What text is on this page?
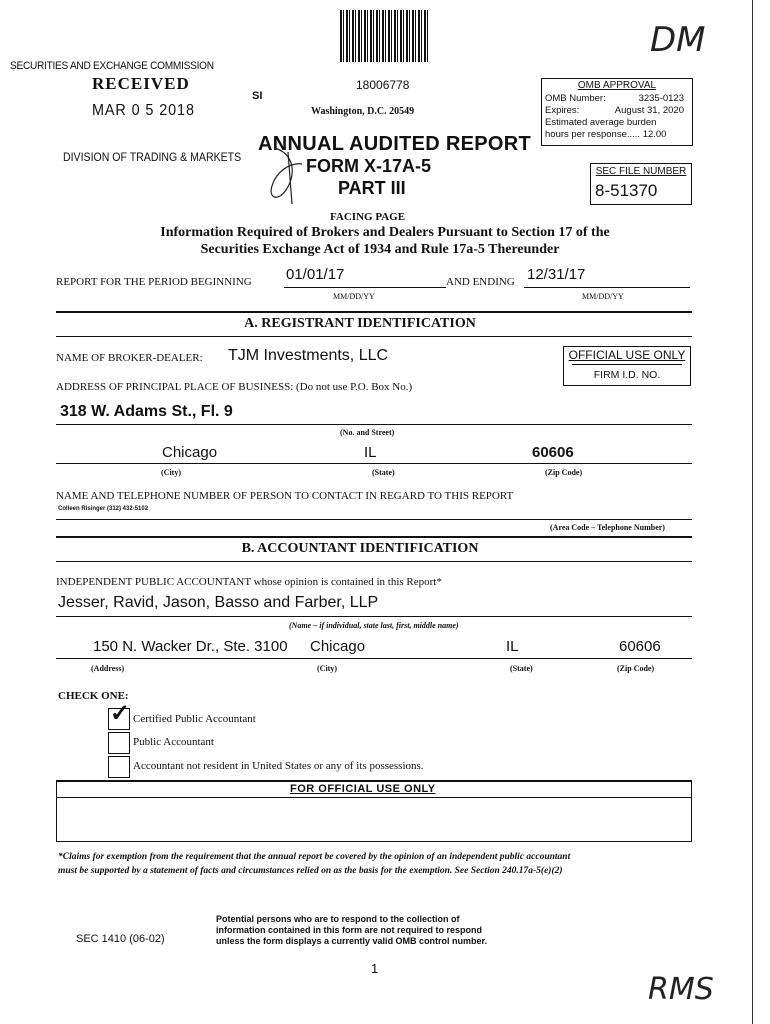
SECURITIES AND EXCHANGE COMMISSION
RECEIVED
MAR 0 5 2018
DIVISION OF TRADING & MARKETS
18006778
SI
Washington, D.C. 20549
DM
ANNUAL AUDITED REPORT
FORM X-17A-5
PART III
OMB APPROVAL
OMB Number:	3235-0123
Expires:	August 31, 2020
Estimated average burden
hours per response..... 12.00
SEC FILE NUMBER
8-51370
FACING PAGE
Information Required of Brokers and Dealers Pursuant to Section 17 of the
Securities Exchange Act of 1934 and Rule 17a-5 Thereunder
REPORT FOR THE PERIOD BEGINNING 01/01/17	AND ENDING 12/31/17
MM/DD/YY	MM/DD/YY
A. REGISTRANT IDENTIFICATION
NAME OF BROKER-DEALER: TJM Investments, LLC	OFFICIAL USE ONLY
FIRM I.D. NO.
ADDRESS OF PRINCIPAL PLACE OF BUSINESS: (Do not use P.O. Box No.)
318 W. Adams St., Fl. 9
(No. and Street)
Chicago	IL	60606
(City)	(State)	(Zip Code)
NAME AND TELEPHONE NUMBER OF PERSON TO CONTACT IN REGARD TO THIS REPORT
Colleen Risinger (312) 432-5102
(Area Code – Telephone Number)
B. ACCOUNTANT IDENTIFICATION
INDEPENDENT PUBLIC ACCOUNTANT whose opinion is contained in this Report*
Jesser, Ravid, Jason, Basso and Farber, LLP
(Name – if individual, state last, first, middle name)
150 N. Wacker Dr., Ste. 3100 Chicago	IL	60606
(Address)	(City)	(State)	(Zip Code)
CHECK ONE:
✓ Certified Public Accountant
Public Accountant
Accountant not resident in United States or any of its possessions.
FOR OFFICIAL USE ONLY
*Claims for exemption from the requirement that the annual report be covered by the opinion of an independent public accountant
must be supported by a statement of facts and circumstances relied on as the basis for the exemption. See Section 240.17a-5(e)(2)
Potential persons who are to respond to the collection of
information contained in this form are not required to respond
unless the form displays a currently valid OMB control number.
SEC 1410 (06-02)
1
RMS
